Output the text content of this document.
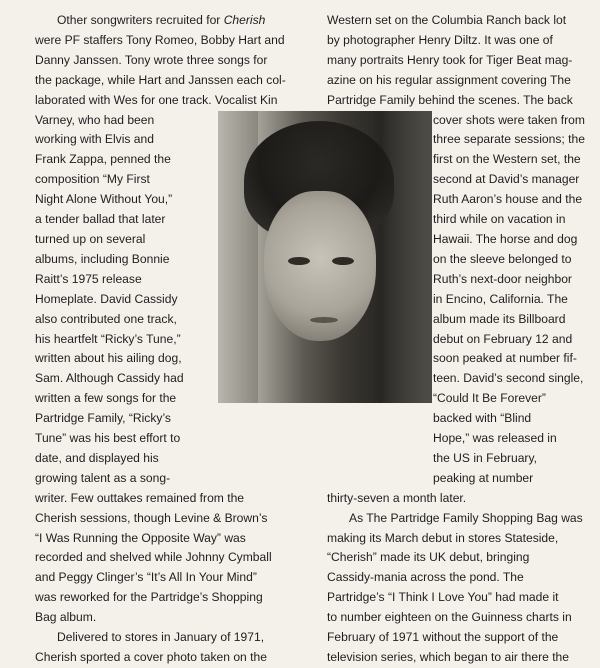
Other songwriters recruited for Cherish
were PF staffers Tony Romeo, Bobby Hart and
Danny Janssen. Tony wrote three songs for
the package, while Hart and Janssen each col-
laborated with Wes for one track. Vocalist Kin
Varney, who had been
working with Elvis and
Frank Zappa, penned the
composition “My First
Night Alone Without You,”
a tender ballad that later
turned up on several
albums, including Bonnie
Raitt’s 1975 release
Homeplate. David Cassidy
also contributed one track,
his heartfelt “Ricky’s Tune,”
written about his ailing dog,
Sam. Although Cassidy had
written a few songs for the
Partridge Family, “Ricky’s
Tune” was his best effort to
date, and displayed his
growing talent as a song-
writer. Few outtakes remained from the
Cherish sessions, though Levine & Brown’s
“I Was Running the Opposite Way” was
recorded and shelved while Johnny Cymball
and Peggy Clinger’s “It’s All In Your Mind”
was reworked for the Partridge’s Shopping
Bag album.
Delivered to stores in January of 1971,
Cherish sported a cover photo taken on the
Western set on the Columbia Ranch back lot
by photographer Henry Diltz. It was one of
many portraits Henry took for Tiger Beat mag-
azine on his regular assignment covering The
Partridge Family behind the scenes. The back
cover shots were taken from
three separate sessions; the
first on the Western set, the
second at David’s manager
Ruth Aaron’s house and the
third while on vacation in
Hawaii. The horse and dog
on the sleeve belonged to
Ruth’s next-door neighbor
in Encino, California. The
album made its Billboard
debut on February 12 and
soon peaked at number fif-
teen. David’s second single,
“Could It Be Forever”
backed with “Blind
Hope,” was released in
the US in February,
peaking at number
thirty-seven a month later.
As The Partridge Family Shopping Bag was
making its March debut in stores Stateside,
“Cherish” made its UK debut, bringing
Cassidy-mania across the pond. The
Partridge’s “I Think I Love You” had made it
to number eighteen on the Guinness charts in
February of 1971 without the support of the
television series, which began to air there the
